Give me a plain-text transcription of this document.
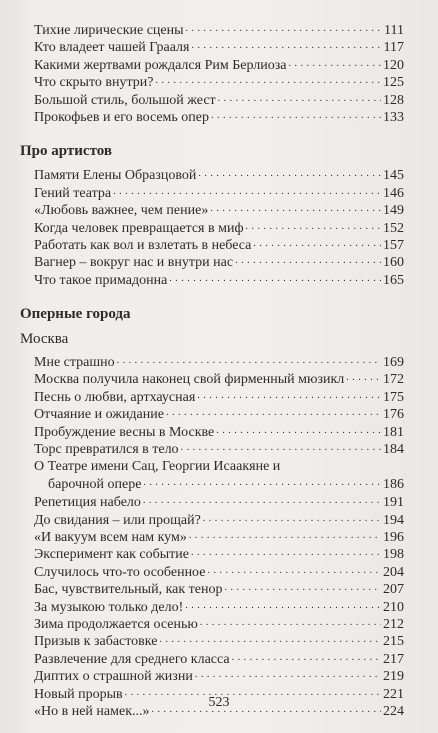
Тихие лирические сцены . . .	111
Кто владеет чашей Грааля . . .	117
Какими жертвами рождался Рим Берлиоза . . .	120
Что скрыто внутри? . . .	125
Большой стиль, большой жест . . .	128
Прокофьев и его восемь опер . . .	133
Про артистов
Памяти Елены Образцовой . . .	145
Гений театра . . .	146
«Любовь важнее, чем пение» . . .	149
Когда человек превращается в миф . . .	152
Работать как вол и взлетать в небеса . . .	157
Вагнер – вокруг нас и внутри нас . . .	160
Что такое примадонна . . .	165
Оперные города
Москва
Мне страшно . . .	169
Москва получила наконец свой фирменный мюзикл . . .	172
Песнь о любви, артхаусная . . .	175
Отчаяние и ожидание . . .	176
Пробуждение весны в Москве . . .	181
Торс превратился в тело . . .	184
О Театре имени Сац, Георгии Исаакяне и
барочной опере . . .	186
Репетиция набело . . .	191
До свидания – или прощай? . . .	194
«И вакуум всем нам кум» . . .	196
Эксперимент как событие . . .	198
Случилось что-то особенное . . .	204
Бас, чувствительный, как тенор . . .	207
За музыкою только дело! . . .	210
Зима продолжается осенью . . .	212
Призыв к забастовке . . .	215
Развлечение для среднего класса . . .	217
Диптих о страшной жизни . . .	219
Новый прорыв . . .	221
«Но в ней намек...» . . .	224
523
